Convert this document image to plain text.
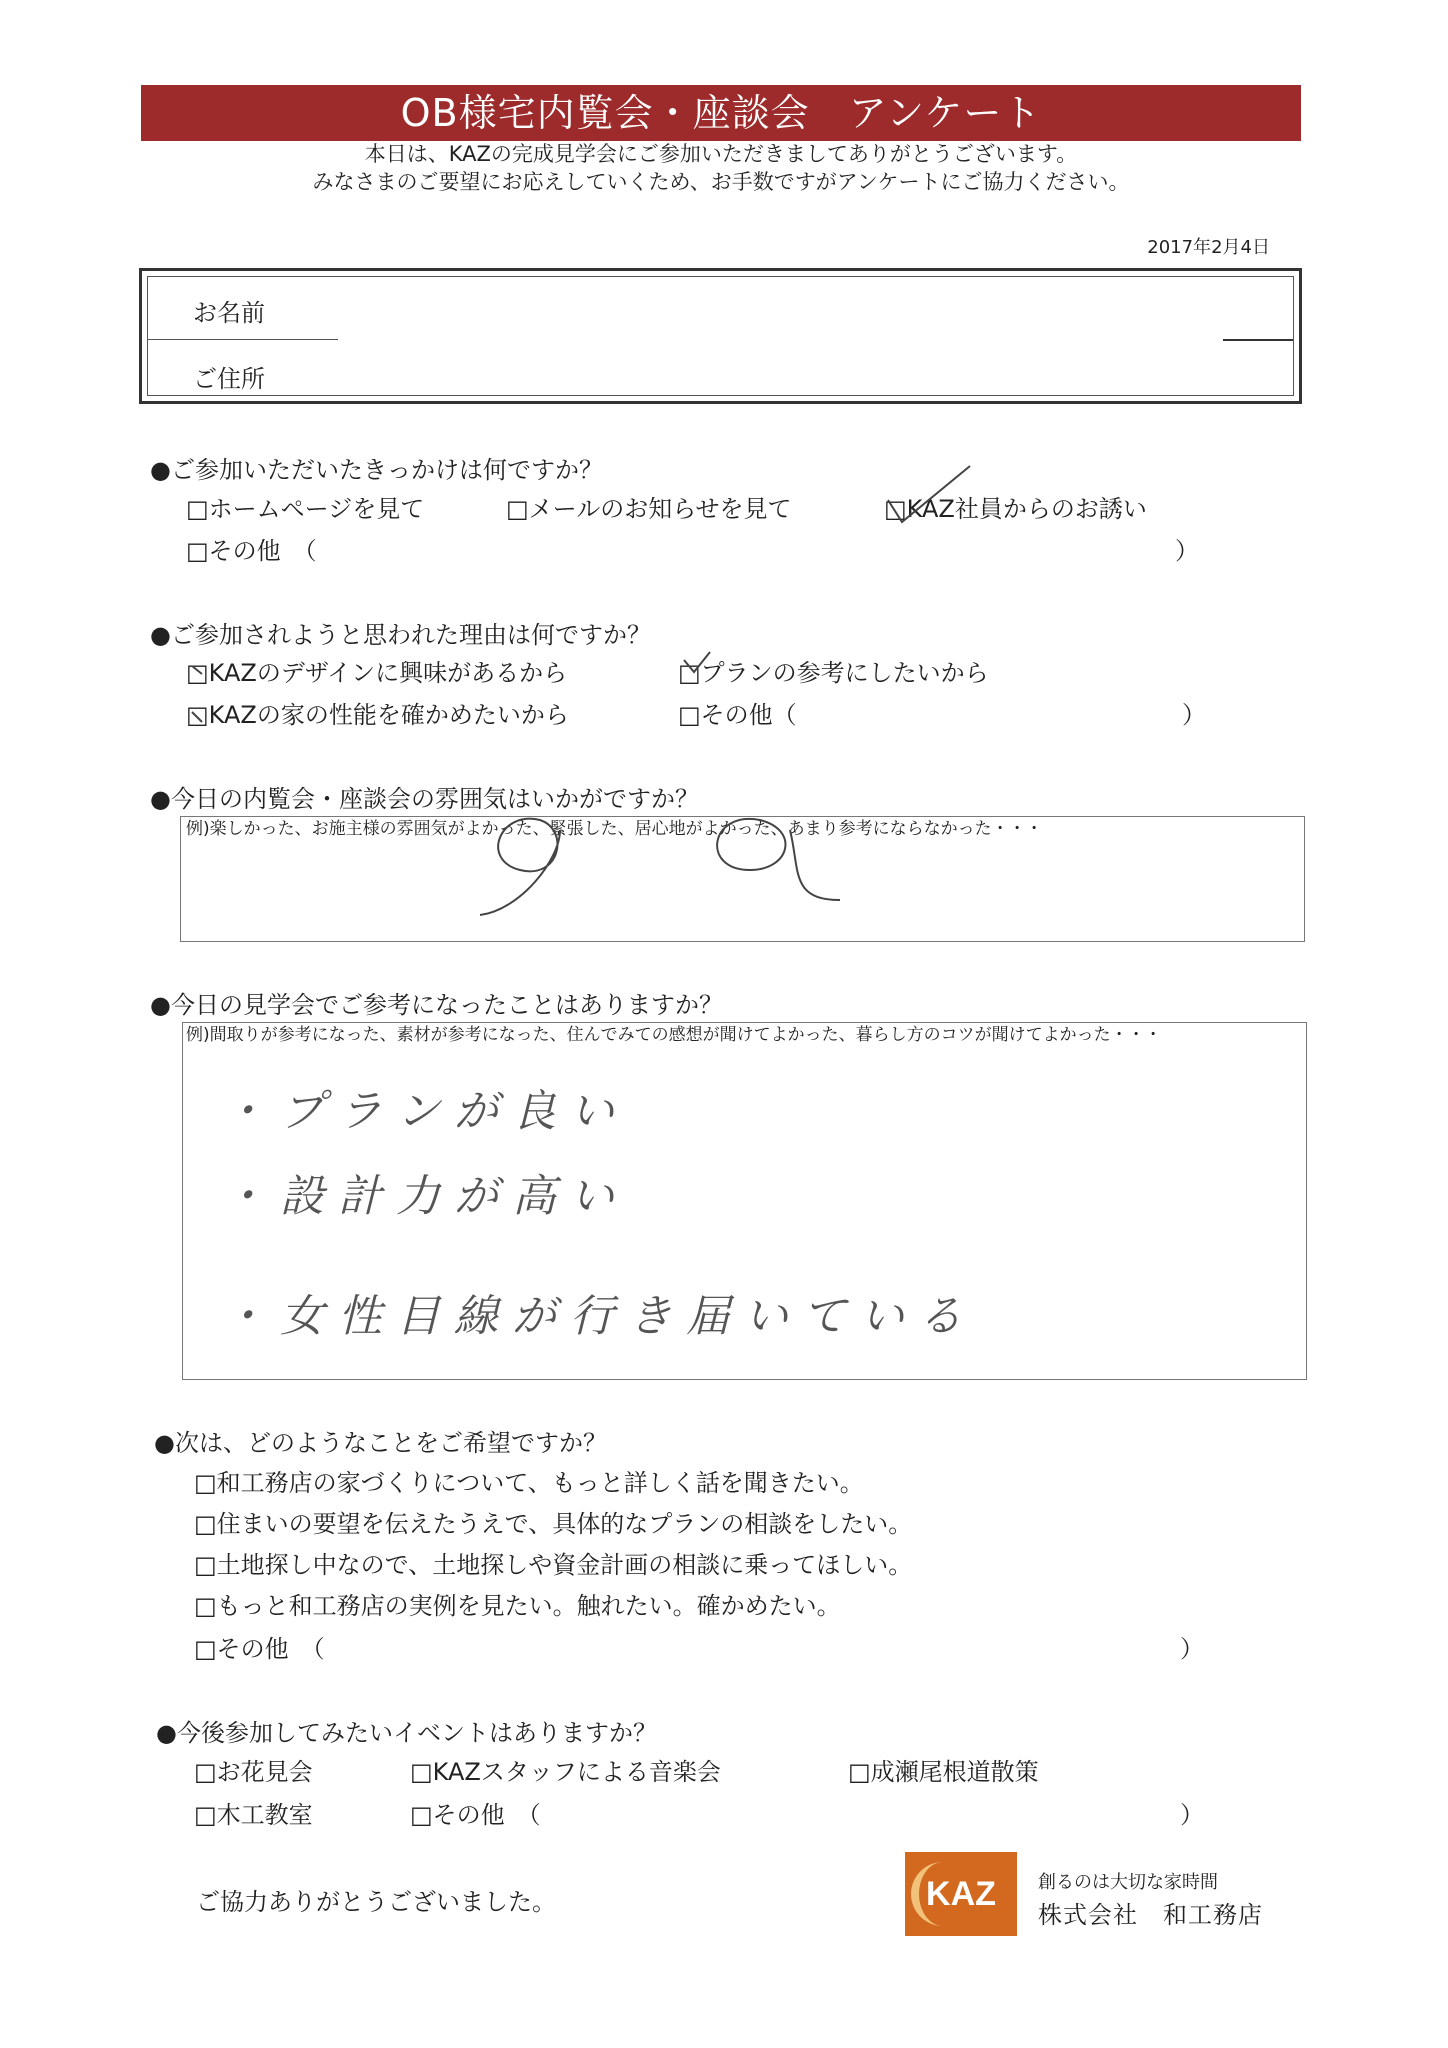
OB様宅内覧会・座談会　アンケート
本日は、KAZの完成見学会にご参加いただきましてありがとうございます。
みなさまのご要望にお応えしていくため、お手数ですがアンケートにご協力ください。
2017年2月4日
お名前
ご住所
●ご参加いただいたきっかけは何ですか？
□ホームページを見て	□メールのお知らせを見て	□KAZ社員からのお誘い
□その他　（	）
●ご参加されようと思われた理由は何ですか？
□KAZのデザインに興味があるから	□プランの参考にしたいから
□KAZの家の性能を確かめたいから	□その他（	）
●今日の内覧会・座談会の雰囲気はいかがですか？
例)楽しかった、お施主様の雰囲気がよかった、緊張した、居心地がよかった、あまり参考にならなかった・・・
●今日の見学会でご参考になったことはありますか？
例)間取りが参考になった、素材が参考になった、住んでみての感想が聞けてよかった、暮らし方のコツが聞けてよかった・・・
・プランが良い
・設計力が高い
・女性目線が行き届いている
●次は、どのようなことをご希望ですか？
□和工務店の家づくりについて、もっと詳しく話を聞きたい。
□住まいの要望を伝えたうえで、具体的なプランの相談をしたい。
□土地探し中なので、土地探しや資金計画の相談に乗ってほしい。
□もっと和工務店の実例を見たい。触れたい。確かめたい。
□その他　（	）
●今後参加してみたいイベントはありますか？
□お花見会	□KAZスタッフによる音楽会	□成瀬尾根道散策
□木工教室	□その他　（	）
ご協力ありがとうございました。	KAZ	創るのは大切な家時間
株式会社　和工務店
